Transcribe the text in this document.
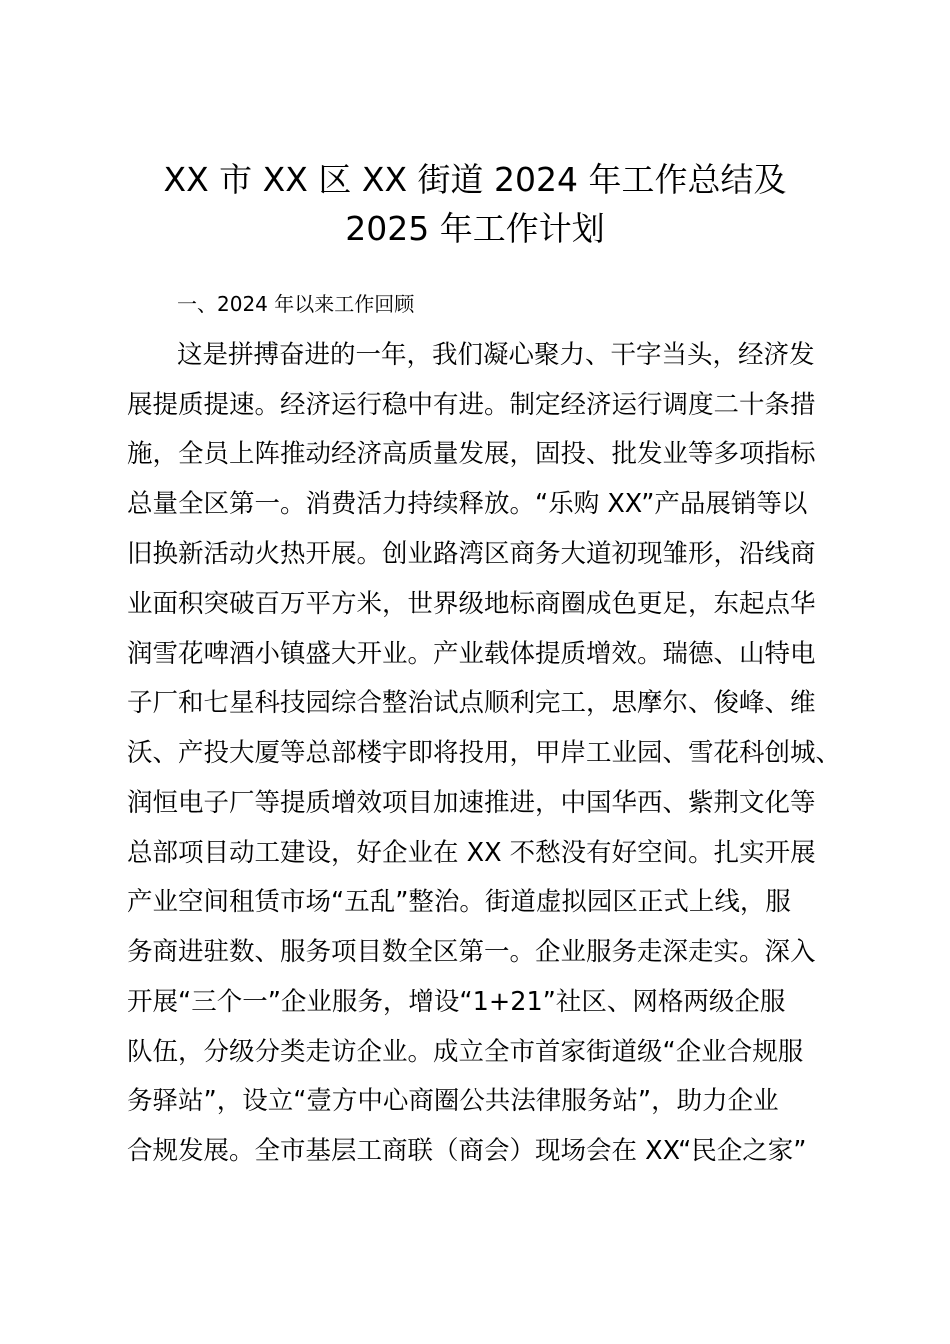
XX 市 XX 区 XX 街道 2024 年工作总结及
2025 年工作计划
一、2024 年以来工作回顾
这是拼搏奋进的一年，我们凝心聚力、干字当头，经济发
展提质提速。经济运行稳中有进。制定经济运行调度二十条措
施，全员上阵推动经济高质量发展，固投、批发业等多项指标
总量全区第一。消费活力持续释放。“乐购 XX”产品展销等以
旧换新活动火热开展。创业路湾区商务大道初现雏形，沿线商
业面积突破百万平方米，世界级地标商圈成色更足，东起点华
润雪花啤酒小镇盛大开业。产业载体提质增效。瑞德、山特电
子厂和七星科技园综合整治试点顺利完工，思摩尔、俊峰、维
沃、产投大厦等总部楼宇即将投用，甲岸工业园、雪花科创城、
润恒电子厂等提质增效项目加速推进，中国华西、紫荆文化等
总部项目动工建设，好企业在 XX 不愁没有好空间。扎实开展
产业空间租赁市场“五乱”整治。街道虚拟园区正式上线，服
务商进驻数、服务项目数全区第一。企业服务走深走实。深入
开展“三个一”企业服务，增设“1+21”社区、网格两级企服
队伍，分级分类走访企业。成立全市首家街道级“企业合规服
务驿站”，设立“壹方中心商圈公共法律服务站”，助力企业
合规发展。全市基层工商联（商会）现场会在 XX“民企之家”
